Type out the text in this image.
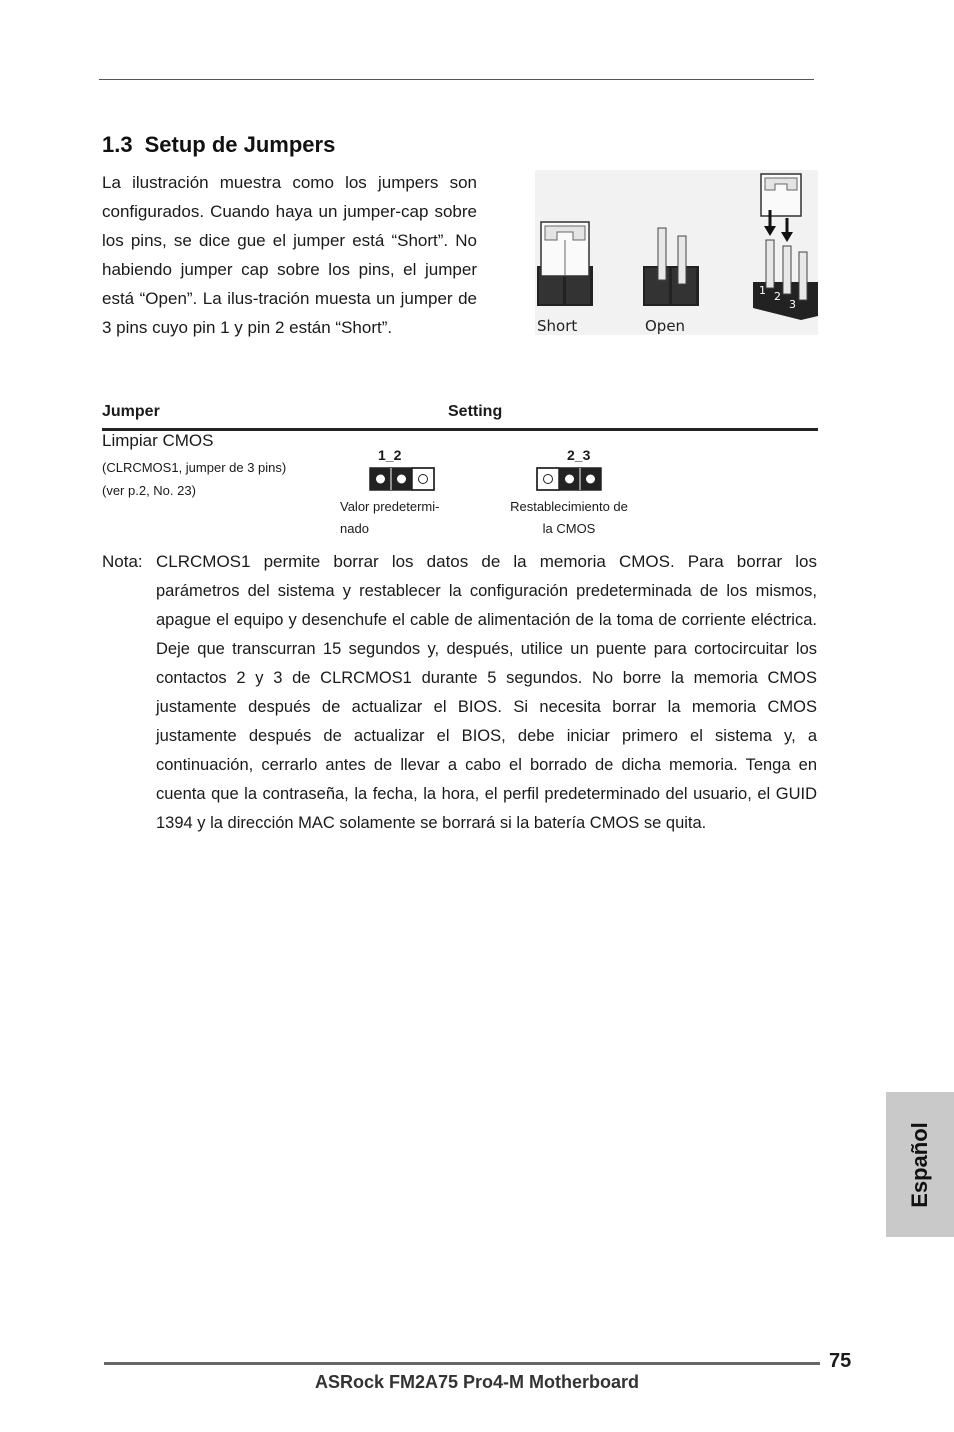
1.3 Setup de Jumpers

La ilustración muestra como los jumpers son configurados. Cuando haya un jumper-cap sobre los pins, se dice gue el jumper está “Short”. No habiendo jumper cap sobre los pins, el jumper está “Open”. La ilus-tración muesta un jumper de 3 pins cuyo pin 1 y pin 2 están “Short”.

1 2
3
Short	Open
Jumper	Setting
Limpiar CMOS
(CLRCMOS1, jumper de 3 pins)
(ver p.2, No. 23)
1_2
Valor predetermi-
nado
2_3
Restablecimiento de
la CMOS
Nota: CLRCMOS1 permite borrar los datos de la memoria CMOS. Para borrar los
parámetros del sistema y restablecer la configuración predeterminada de los mismos, apague el equipo y desenchufe el cable de alimentación de la toma de corriente eléctrica. Deje que transcurran 15 segundos y, después, utilice un puente para cortocircuitar los contactos 2 y 3 de CLRCMOS1 durante 5 segundos. No borre la memoria CMOS justamente después de actualizar el BIOS. Si necesita borrar la memoria CMOS justamente después de actualizar el BIOS, debe iniciar primero el sistema y, a continuación, cerrarlo antes de llevar a cabo el borrado de dicha memoria. Tenga en cuenta que la contraseña, la fecha, la hora, el perfil predeterminado del usuario, el GUID 1394 y la dirección MAC solamente se borrará si la batería CMOS se quita.
Español
75
ASRock FM2A75 Pro4-M Motherboard
